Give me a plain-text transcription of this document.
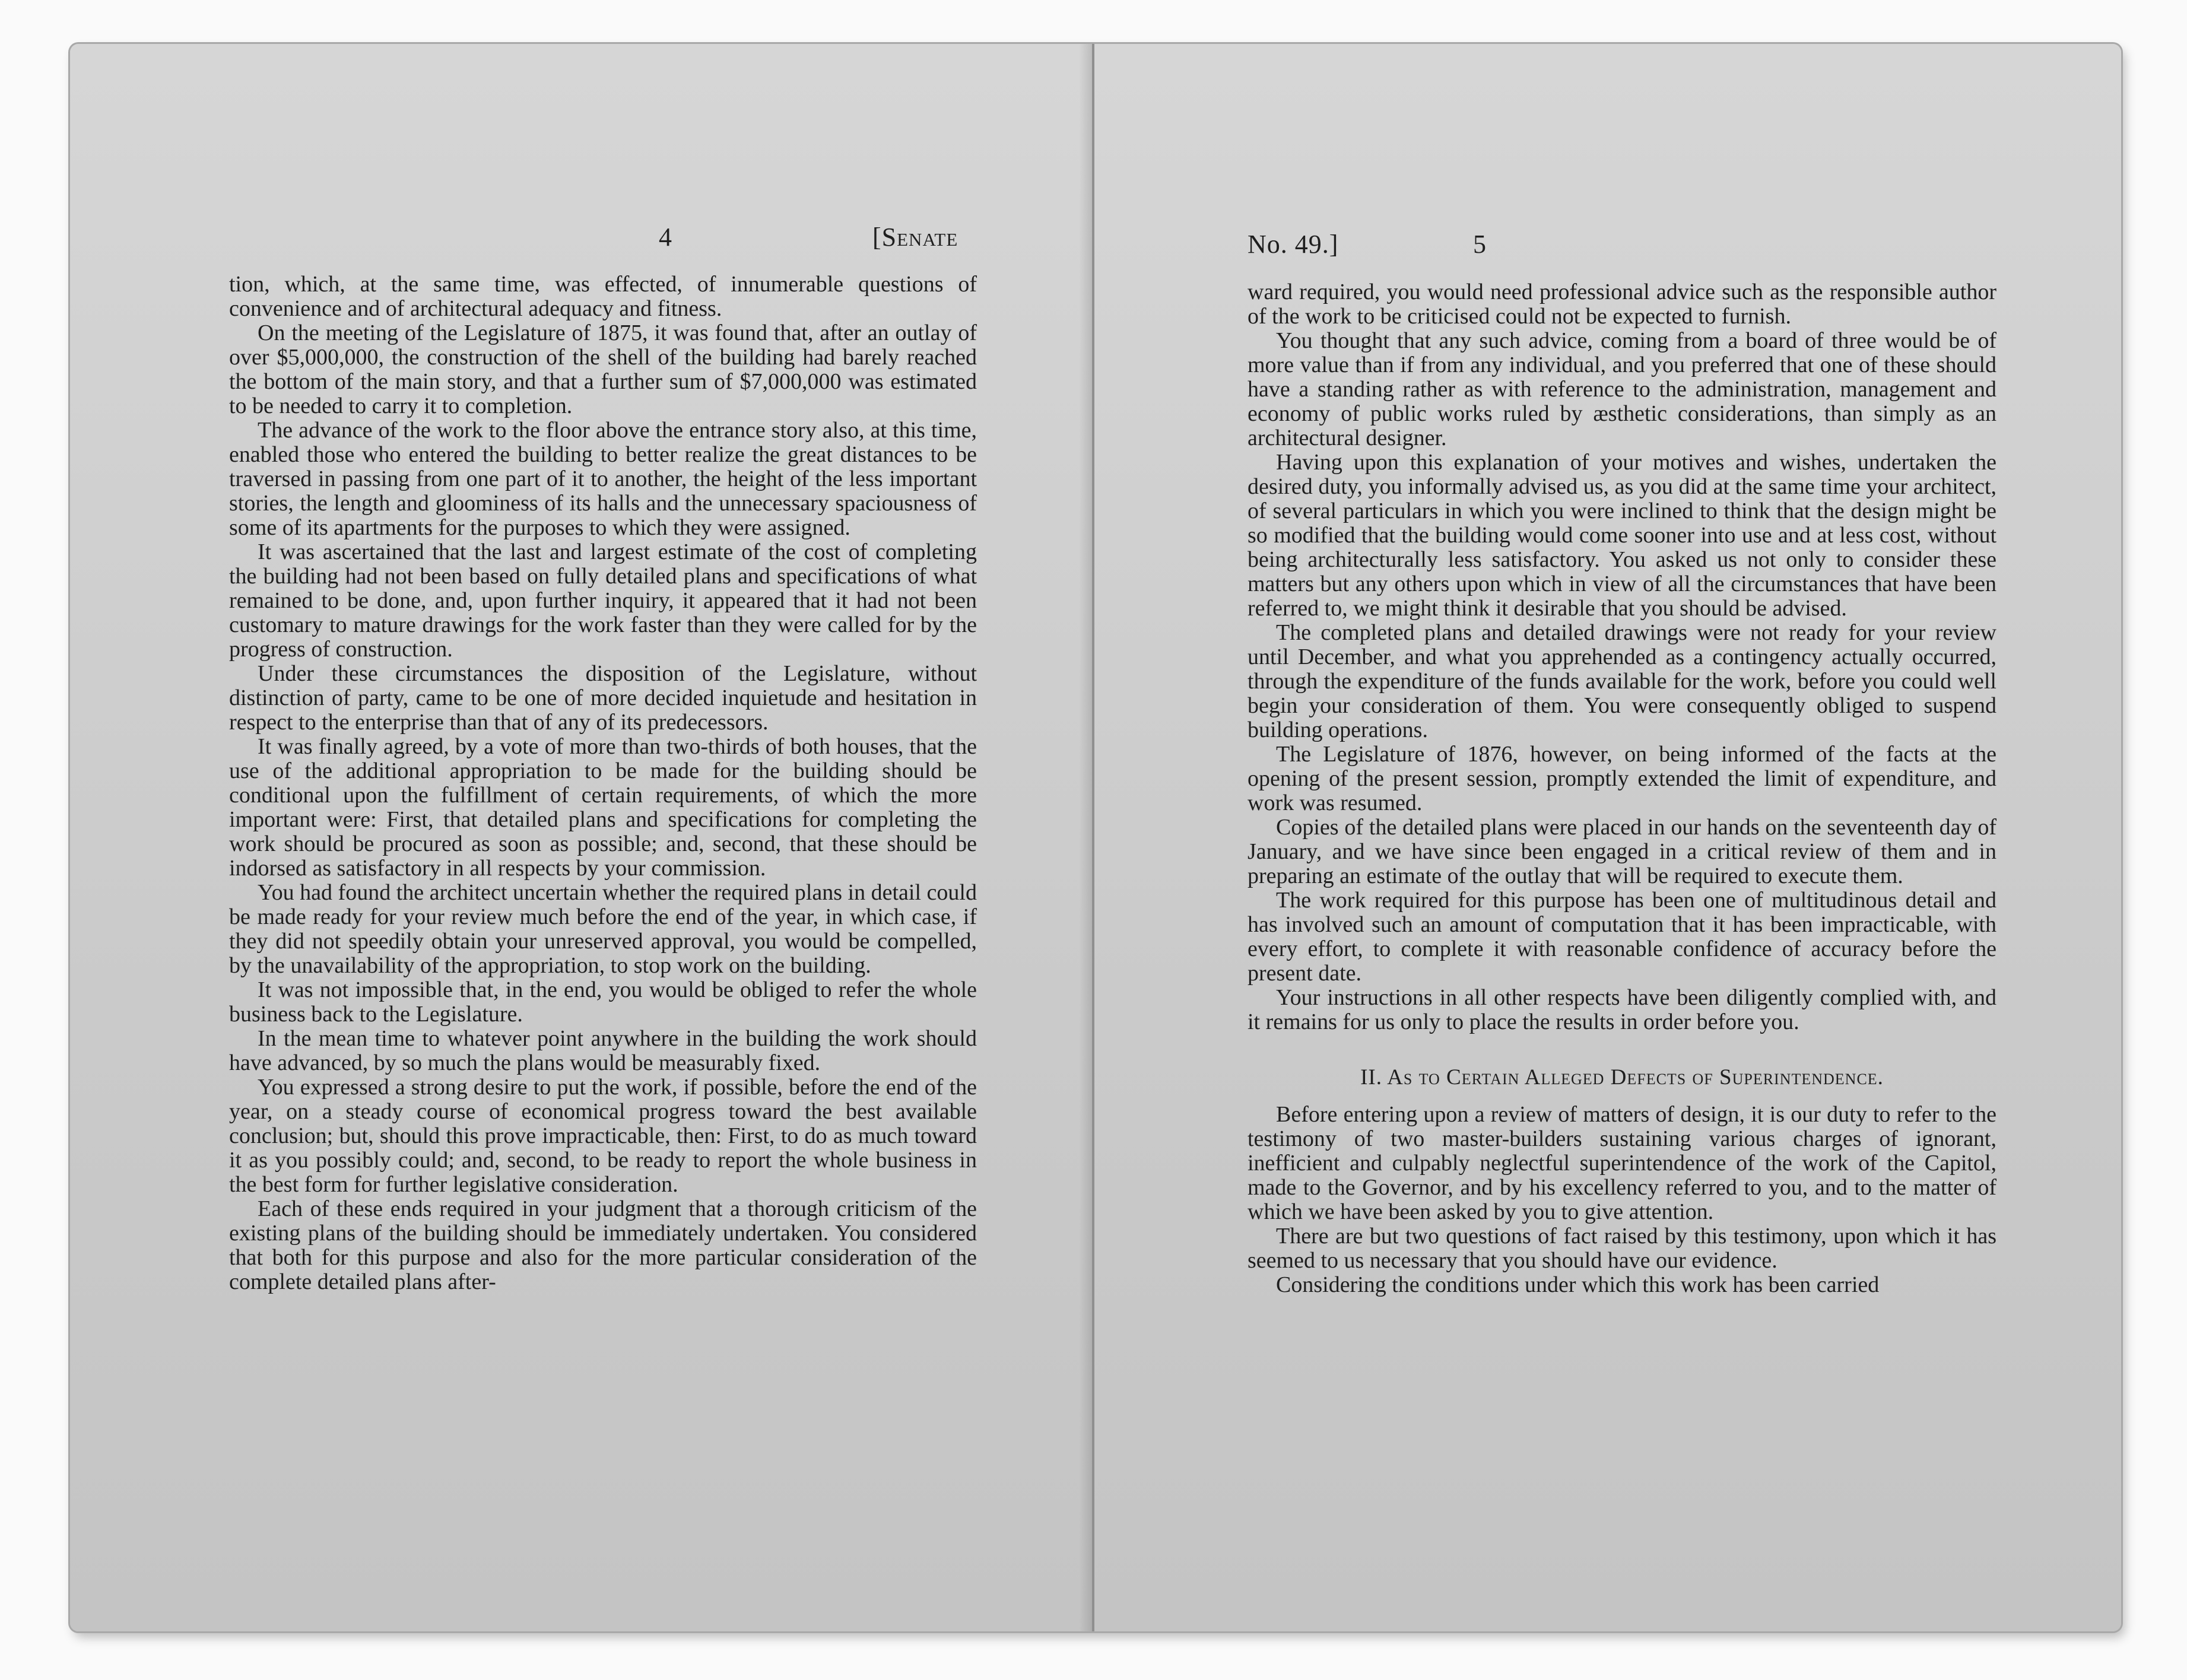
4	[Senate

tion, which, at the same time, was effected, of innumerable questions of convenience and of architectural adequacy and fitness.

On the meeting of the Legislature of 1875, it was found that, after an outlay of over $5,000,000, the construction of the shell of the building had barely reached the bottom of the main story, and that a further sum of $7,000,000 was estimated to be needed to carry it to completion.

The advance of the work to the floor above the entrance story also, at this time, enabled those who entered the building to better realize the great distances to be traversed in passing from one part of it to another, the height of the less important stories, the length and gloominess of its halls and the unnecessary spaciousness of some of its apartments for the purposes to which they were assigned.

It was ascertained that the last and largest estimate of the cost of completing the building had not been based on fully detailed plans and specifications of what remained to be done, and, upon further inquiry, it appeared that it had not been customary to mature drawings for the work faster than they were called for by the progress of construction.

Under these circumstances the disposition of the Legislature, without distinction of party, came to be one of more decided inquietude and hesitation in respect to the enterprise than that of any of its predecessors.

It was finally agreed, by a vote of more than two-thirds of both houses, that the use of the additional appropriation to be made for the building should be conditional upon the fulfillment of certain requirements, of which the more important were: First, that detailed plans and specifications for completing the work should be procured as soon as possible; and, second, that these should be indorsed as satisfactory in all respects by your commission.

You had found the architect uncertain whether the required plans in detail could be made ready for your review much before the end of the year, in which case, if they did not speedily obtain your unreserved approval, you would be compelled, by the unavailability of the appropriation, to stop work on the building.

It was not impossible that, in the end, you would be obliged to refer the whole business back to the Legislature.

In the mean time to whatever point anywhere in the building the work should have advanced, by so much the plans would be measurably fixed.

You expressed a strong desire to put the work, if possible, before the end of the year, on a steady course of economical progress toward the best available conclusion; but, should this prove impracticable, then: First, to do as much toward it as you possibly could; and, second, to be ready to report the whole business in the best form for further legislative consideration.

Each of these ends required in your judgment that a thorough criticism of the existing plans of the building should be immediately undertaken. You considered that both for this purpose and also for the more particular consideration of the complete detailed plans after-

No. 49.]	5

ward required, you would need professional advice such as the responsible author of the work to be criticised could not be expected to furnish.

You thought that any such advice, coming from a board of three would be of more value than if from any individual, and you preferred that one of these should have a standing rather as with reference to the administration, management and economy of public works ruled by æsthetic considerations, than simply as an architectural designer.

Having upon this explanation of your motives and wishes, undertaken the desired duty, you informally advised us, as you did at the same time your architect, of several particulars in which you were inclined to think that the design might be so modified that the building would come sooner into use and at less cost, without being architecturally less satisfactory. You asked us not only to consider these matters but any others upon which in view of all the circumstances that have been referred to, we might think it desirable that you should be advised.

The completed plans and detailed drawings were not ready for your review until December, and what you apprehended as a contingency actually occurred, through the expenditure of the funds available for the work, before you could well begin your consideration of them. You were consequently obliged to suspend building operations.

The Legislature of 1876, however, on being informed of the facts at the opening of the present session, promptly extended the limit of expenditure, and work was resumed.

Copies of the detailed plans were placed in our hands on the seventeenth day of January, and we have since been engaged in a critical review of them and in preparing an estimate of the outlay that will be required to execute them.

The work required for this purpose has been one of multitudinous detail and has involved such an amount of computation that it has been impracticable, with every effort, to complete it with reasonable confidence of accuracy before the present date.

Your instructions in all other respects have been diligently complied with, and it remains for us only to place the results in order before you.

II. As to Certain Alleged Defects of Superintendence.

Before entering upon a review of matters of design, it is our duty to refer to the testimony of two master-builders sustaining various charges of ignorant, inefficient and culpably neglectful superintendence of the work of the Capitol, made to the Governor, and by his excellency referred to you, and to the matter of which we have been asked by you to give attention.

There are but two questions of fact raised by this testimony, upon which it has seemed to us necessary that you should have our evidence.

Considering the conditions under which this work has been carried
